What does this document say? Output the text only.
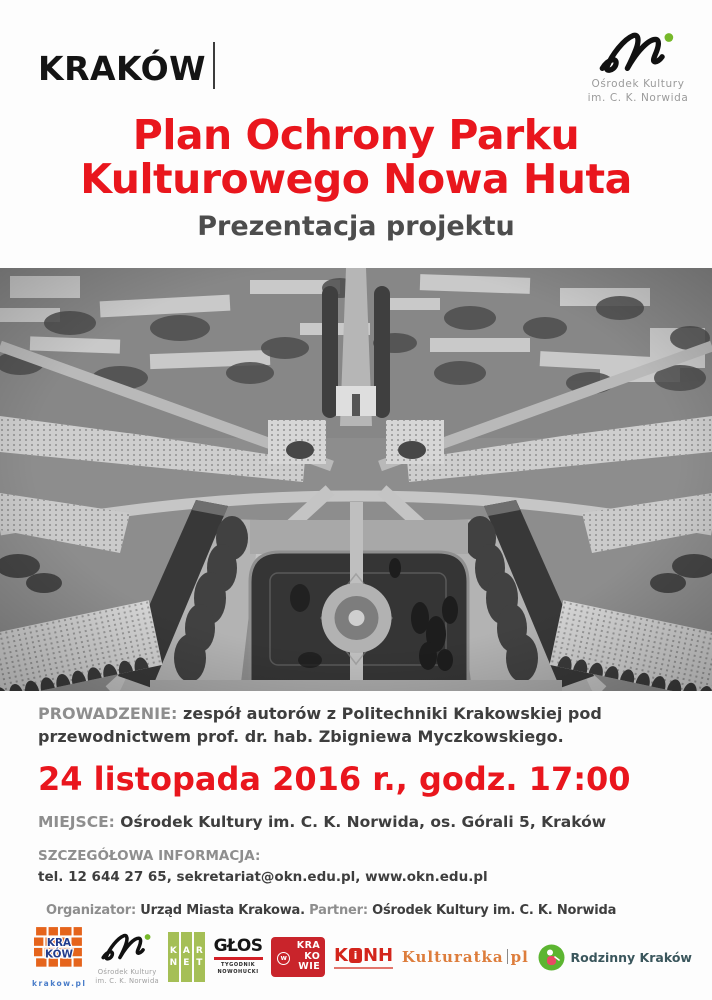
KRAKÓW	Ośrodek Kultury
im. C. K. Norwida
Plan Ochrony Parku
Kulturowego Nowa Huta
Prezentacja projektu
PROWADZENIE: zespół autorów z Politechniki Krakowskiej pod przewodnictwem prof. dr. hab. Zbigniewa Myczkowskiego.
24 listopada 2016 r., godz. 17:00
MIEJSCE: Ośrodek Kultury im. C. K. Norwida, os. Górali 5, Kraków
SZCZEGÓŁOWA INFORMACJA:
tel. 12 644 27 65, sekretariat@okn.edu.pl, www.okn.edu.pl
Organizator: Urząd Miasta Krakowa. Partner: Ośrodek Kultury im. C. K. Norwida
KRA
KÓW
krakow.pl
Ośrodek Kultury
im. C. K. Norwida
K
N
A
E
R
T
GŁOS
TYGODNIK
NOWOHUCKI
w
KRA
KO
WIE
K i NH Kulturatka pl	Rodzinny Kraków
